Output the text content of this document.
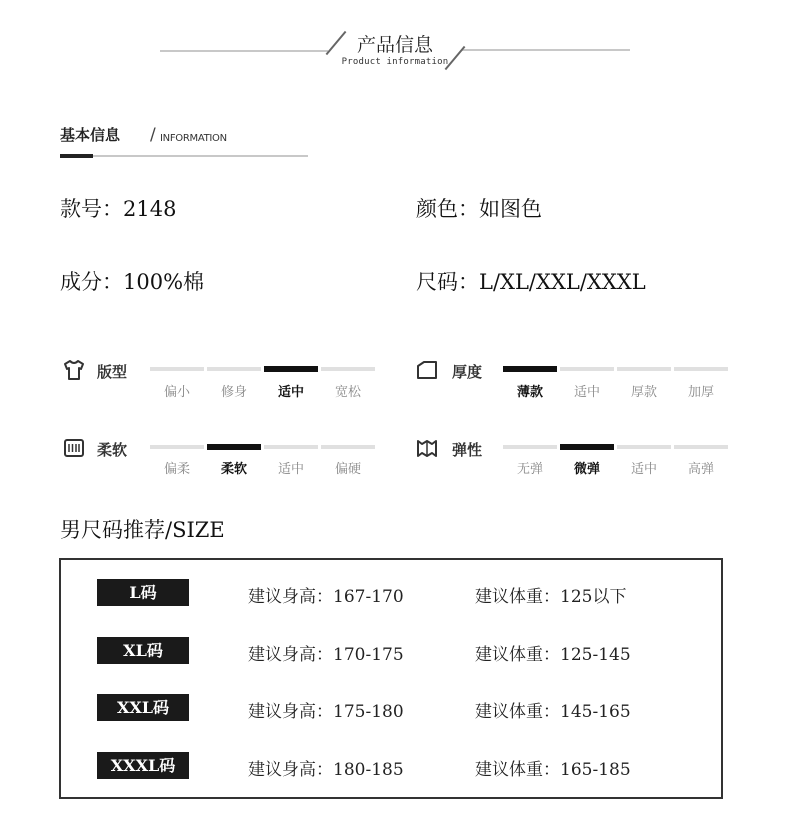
产品信息
Product information
基本信息 / INFORMATION
款号：2148	颜色：如图色
成分：100%棉	尺码：L/XL/XXL/XXXL
版型
偏小	修身	适中	宽松
厚度
薄款	适中	厚款	加厚
柔软
偏柔	柔软	适中	偏硬
弹性
无弹	微弹	适中	高弹
男尺码推荐/SIZE
L码	建议身高：167-170	建议体重：125以下
XL码	建议身高：170-175	建议体重：125-145
XXL码	建议身高：175-180	建议体重：145-165
XXXL码	建议身高：180-185	建议体重：165-185
